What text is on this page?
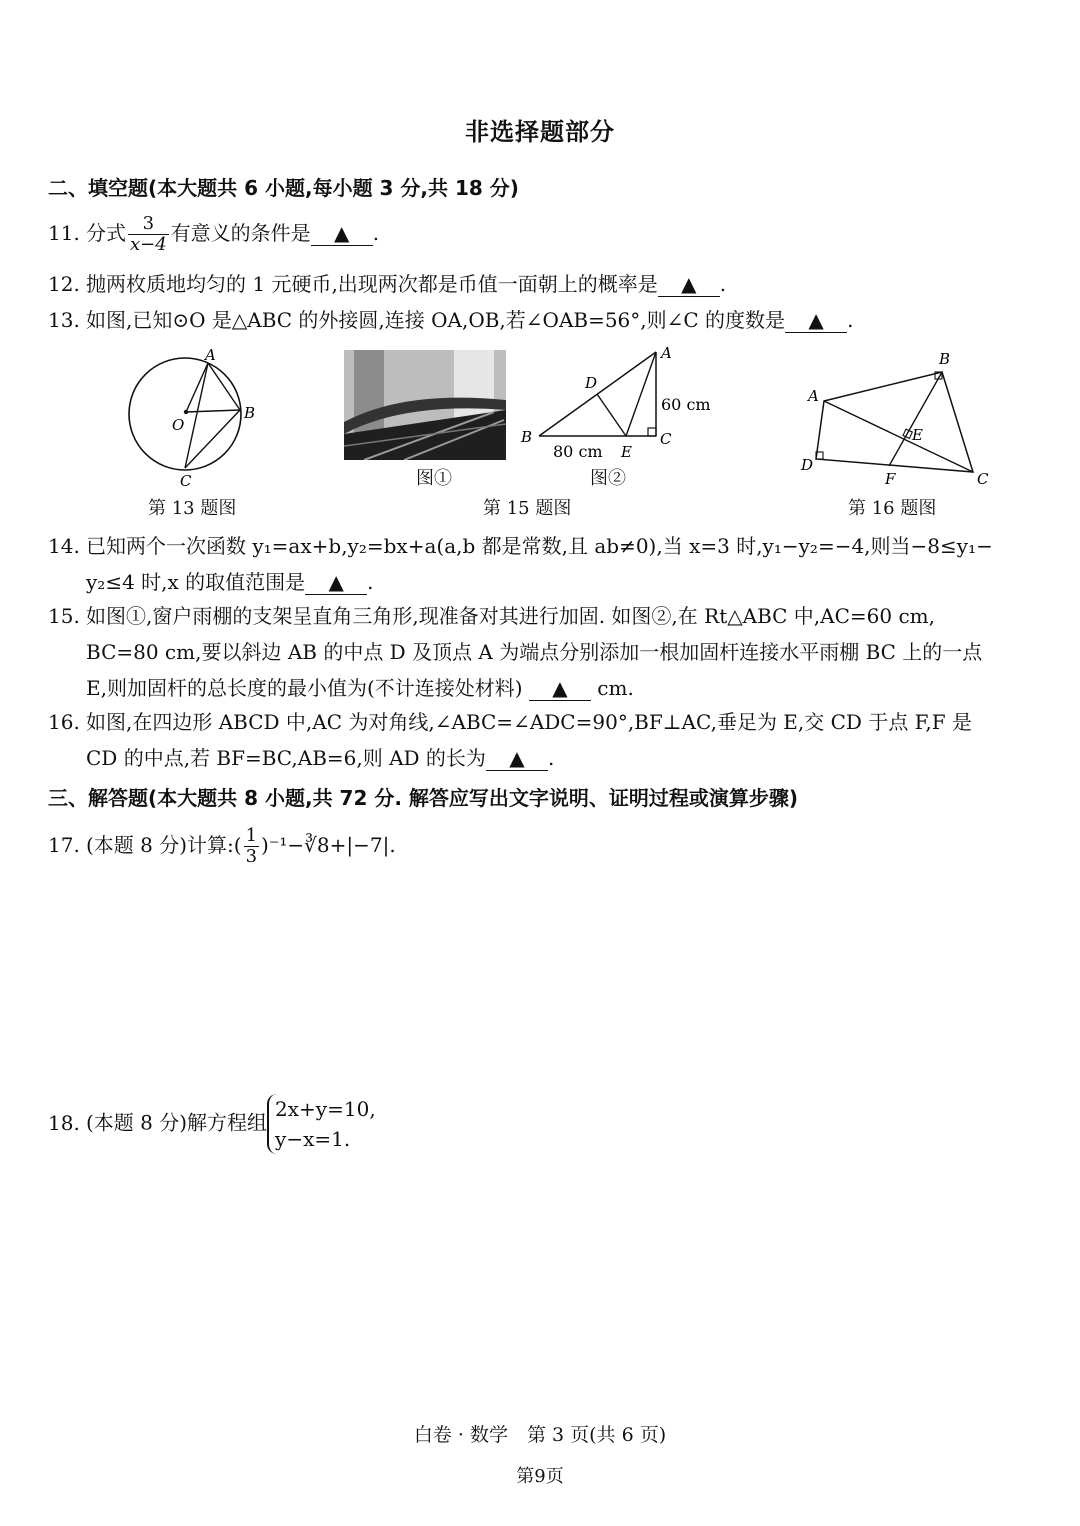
非选择题部分
二、填空题(本大题共 6 小题,每小题 3 分,共 18 分)
11. 分式 $\frac{3}{x-4}$ 有意义的条件是 ▲ .
12. 抛两枚质地均匀的 1 元硬币,出现两次都是币值一面朝上的概率是 ▲ .
13. 如图,已知⊙O 是△ABC 的外接圆,连接 OA,OB,若∠OAB=56°,则∠C 的度数是 ▲ .
A
B
C
O
图①
A
B	C
D
E
60 cm
80 cm
图②
B
A
C
D
F
E
第 13 题图	第 15 题图	第 16 题图
14. 已知两个一次函数 y₁=ax+b,y₂=bx+a(a,b 都是常数,且 ab≠0),当 x=3 时,y₁−y₂=−4,则当−8≤y₁−
y₂≤4 时,x 的取值范围是 ▲ .
15. 如图①,窗户雨棚的支架呈直角三角形,现准备对其进行加固. 如图②,在 Rt△ABC 中,AC=60 cm,
BC=80 cm,要以斜边 AB 的中点 D 及顶点 A 为端点分别添加一根加固杆连接水平雨棚 BC 上的一点
E,则加固杆的总长度的最小值为(不计连接处材料) ▲ cm.
16. 如图,在四边形 ABCD 中,AC 为对角线,∠ABC=∠ADC=90°,BF⊥AC,垂足为 E,交 CD 于点 F,F 是
CD 的中点,若 BF=BC,AB=6,则 AD 的长为 ▲ .
三、解答题(本大题共 8 小题,共 72 分. 解答应写出文字说明、证明过程或演算步骤)
17. (本题 8 分)计算:( $\frac{1}{3}$ )⁻¹−∛8+|−7|.
18. (本题 8 分)解方程组
2x+y=10,
y−x=1.
白卷 · 数学　第 3 页(共 6 页)
第9页
